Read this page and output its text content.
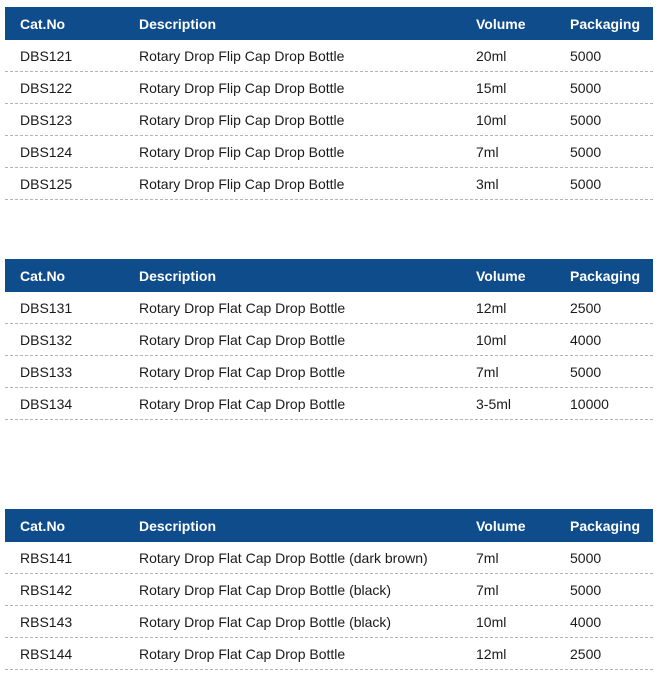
Cat.No	Description	Volume	Packaging
DBS121	Rotary Drop Flip Cap Drop Bottle	20ml	5000
DBS122	Rotary Drop Flip Cap Drop Bottle	15ml	5000
DBS123	Rotary Drop Flip Cap Drop Bottle	10ml	5000
DBS124	Rotary Drop Flip Cap Drop Bottle	7ml	5000
DBS125	Rotary Drop Flip Cap Drop Bottle	3ml	5000
Cat.No	Description	Volume	Packaging
DBS131	Rotary Drop Flat Cap Drop Bottle	12ml	2500
DBS132	Rotary Drop Flat Cap Drop Bottle	10ml	4000
DBS133	Rotary Drop Flat Cap Drop Bottle	7ml	5000
DBS134	Rotary Drop Flat Cap Drop Bottle	3-5ml	10000
Cat.No	Description	Volume	Packaging
RBS141	Rotary Drop Flat Cap Drop Bottle (dark brown)	7ml	5000
RBS142	Rotary Drop Flat Cap Drop Bottle (black)	7ml	5000
RBS143	Rotary Drop Flat Cap Drop Bottle (black)	10ml	4000
RBS144	Rotary Drop Flat Cap Drop Bottle	12ml	2500
